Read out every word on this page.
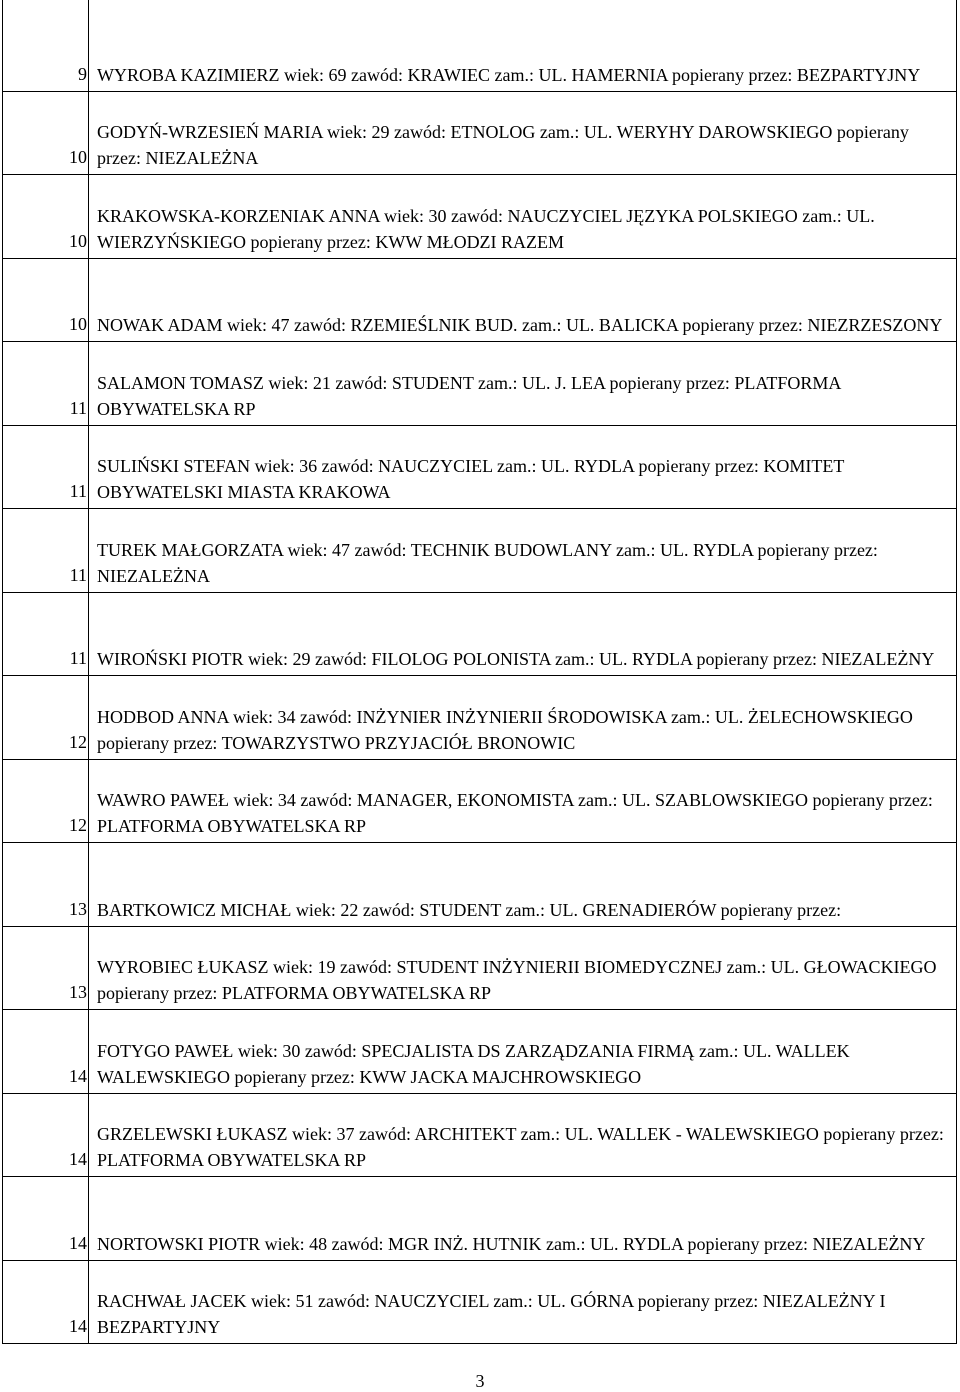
9	WYROBA KAZIMIERZ wiek: 69 zawód: KRAWIEC zam.: UL. HAMERNIA popierany przez: BEZPARTYJNY
10	GODYŃ-WRZESIEŃ MARIA wiek: 29 zawód: ETNOLOG zam.: UL. WERYHY DAROWSKIEGO popierany przez: NIEZALEŻNA
10	KRAKOWSKA-KORZENIAK ANNA wiek: 30 zawód: NAUCZYCIEL JĘZYKA POLSKIEGO zam.: UL. WIERZYŃSKIEGO popierany przez: KWW MŁODZI RAZEM
10	NOWAK ADAM wiek: 47 zawód: RZEMIEŚLNIK BUD. zam.: UL. BALICKA popierany przez: NIEZRZESZONY
11	SALAMON TOMASZ wiek: 21 zawód: STUDENT zam.: UL. J. LEA popierany przez: PLATFORMA OBYWATELSKA RP
11	SULIŃSKI STEFAN wiek: 36 zawód: NAUCZYCIEL zam.: UL. RYDLA popierany przez: KOMITET OBYWATELSKI MIASTA KRAKOWA
11	TUREK MAŁGORZATA wiek: 47 zawód: TECHNIK BUDOWLANY zam.: UL. RYDLA popierany przez: NIEZALEŻNA
11	WIROŃSKI PIOTR wiek: 29 zawód: FILOLOG POLONISTA zam.: UL. RYDLA popierany przez: NIEZALEŻNY
12	HODBOD ANNA wiek: 34 zawód: INŻYNIER INŻYNIERII ŚRODOWISKA zam.: UL. ŻELECHOWSKIEGO popierany przez: TOWARZYSTWO PRZYJACIÓŁ BRONOWIC
12	WAWRO PAWEŁ wiek: 34 zawód: MANAGER, EKONOMISTA zam.: UL. SZABLOWSKIEGO popierany przez: PLATFORMA OBYWATELSKA RP
13	BARTKOWICZ MICHAŁ wiek: 22 zawód: STUDENT zam.: UL. GRENADIERÓW popierany przez:
13	WYROBIEC ŁUKASZ wiek: 19 zawód: STUDENT INŻYNIERII BIOMEDYCZNEJ zam.: UL. GŁOWACKIEGO popierany przez: PLATFORMA OBYWATELSKA RP
14	FOTYGO PAWEŁ wiek: 30 zawód: SPECJALISTA DS ZARZĄDZANIA FIRMĄ zam.: UL. WALLEK WALEWSKIEGO popierany przez: KWW JACKA MAJCHROWSKIEGO
14	GRZELEWSKI ŁUKASZ wiek: 37 zawód: ARCHITEKT zam.: UL. WALLEK - WALEWSKIEGO popierany przez: PLATFORMA OBYWATELSKA RP
14	NORTOWSKI PIOTR wiek: 48 zawód: MGR INŻ. HUTNIK zam.: UL. RYDLA popierany przez: NIEZALEŻNY
14	RACHWAŁ JACEK wiek: 51 zawód: NAUCZYCIEL zam.: UL. GÓRNA popierany przez: NIEZALEŻNY I BEZPARTYJNY
3
